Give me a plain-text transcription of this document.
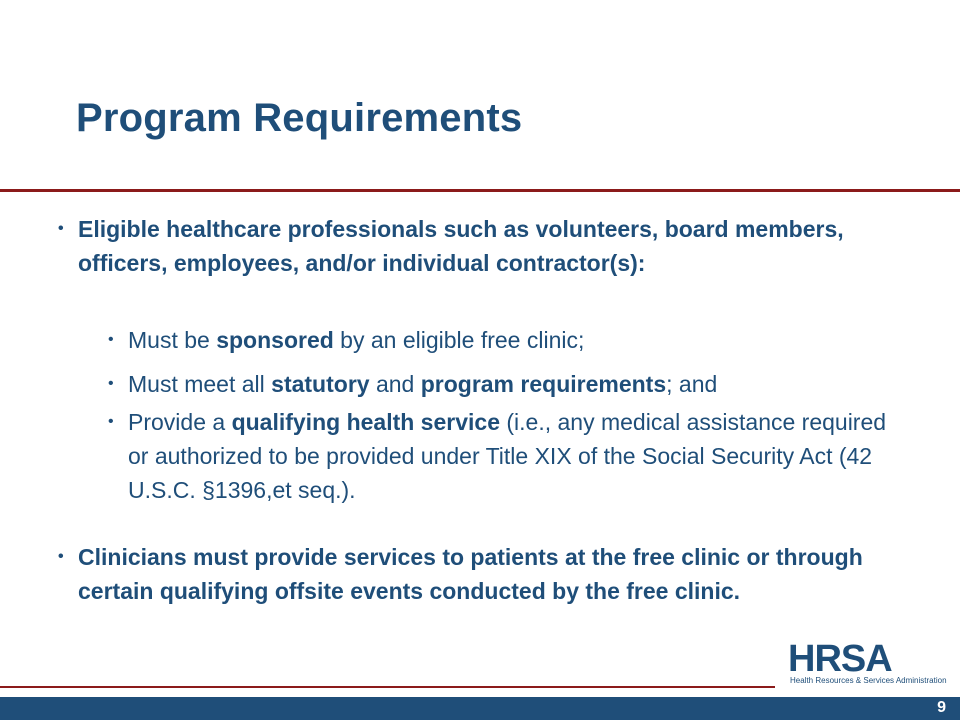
Program Requirements
• Eligible healthcare professionals such as volunteers, board members, officers, employees, and/or individual contractor(s):
• Must be sponsored by an eligible free clinic;
• Must meet all statutory and program requirements; and
• Provide a qualifying health service (i.e., any medical assistance required or authorized to be provided under Title XIX of the Social Security Act (42 U.S.C. §1396,et seq.).
• Clinicians must provide services to patients at the free clinic or through certain qualifying offsite events conducted by the free clinic.
HRSA
Health Resources & Services Administration
9
